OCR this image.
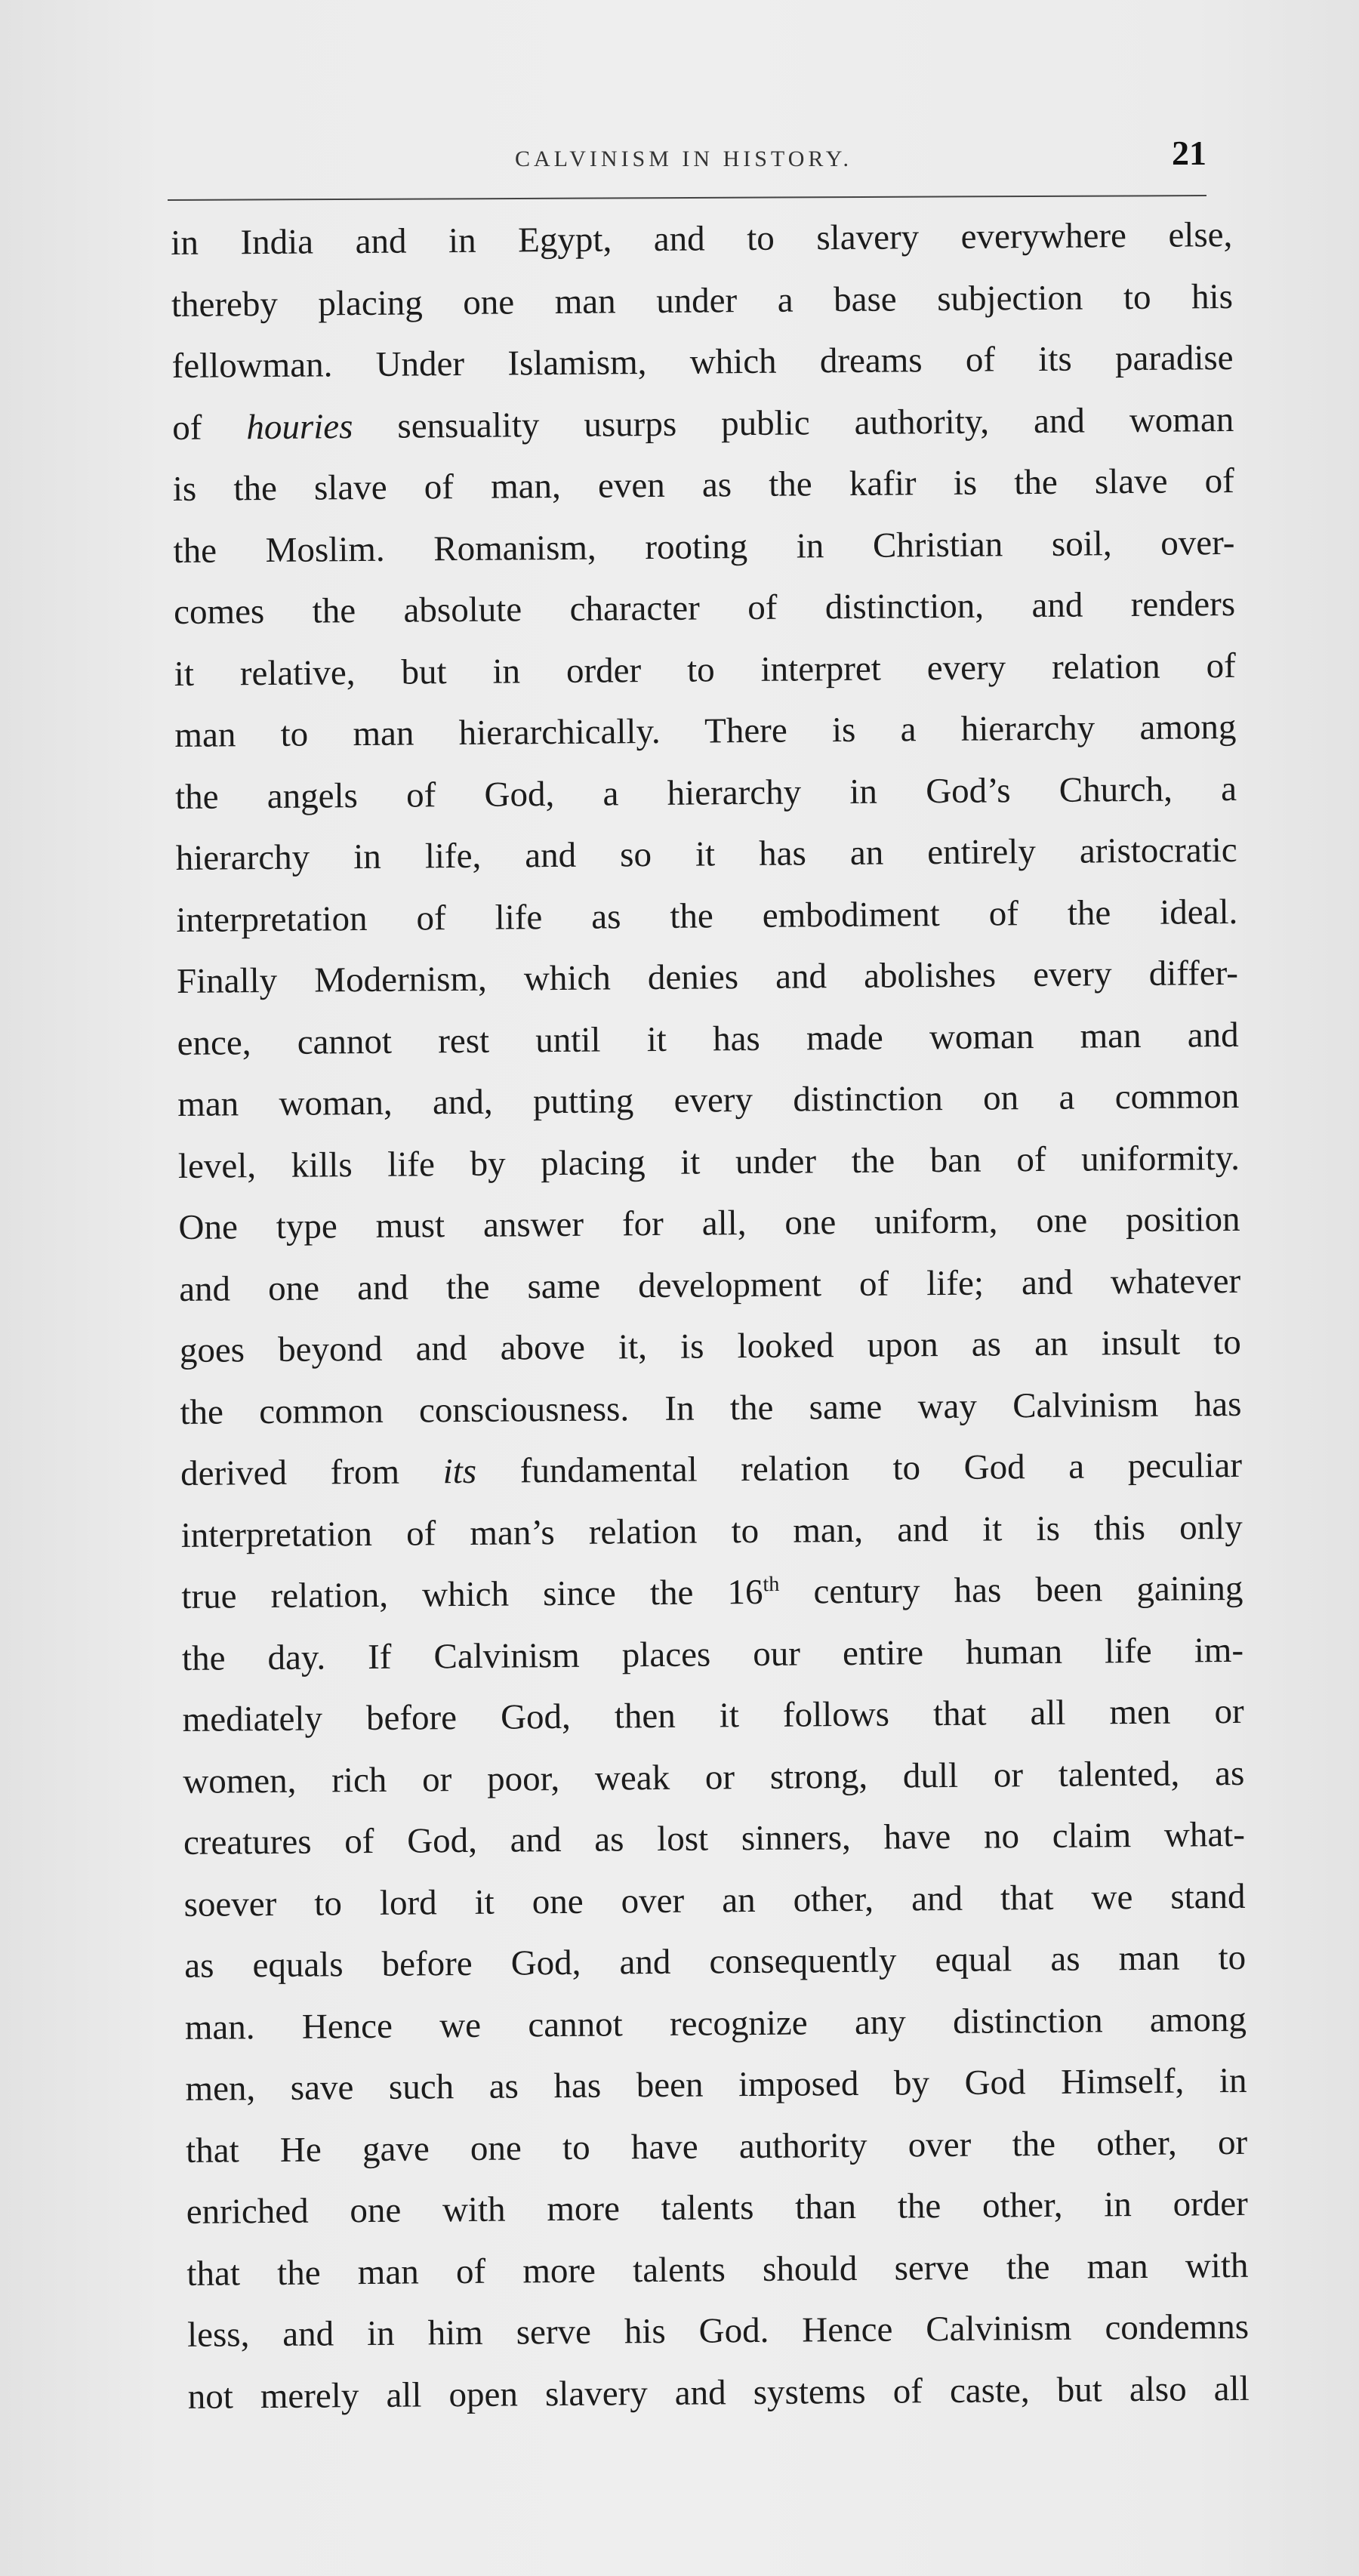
CALVINISM IN HISTORY.	21
in India and in Egypt, and to slavery everywhere else,
thereby placing one man under a base subjection to his
fellowman. Under Islamism, which dreams of its paradise
of houries sensuality usurps public authority, and woman
is the slave of man, even as the kafir is the slave of
the Moslim. Romanism, rooting in Christian soil, over-
comes the absolute character of distinction, and renders
it relative, but in order to interpret every relation of
man to man hierarchically. There is a hierarchy among
the angels of God, a hierarchy in God’s Church, a
hierarchy in life, and so it has an entirely aristocratic
interpretation of life as the embodiment of the ideal.
Finally Modernism, which denies and abolishes every differ-
ence, cannot rest until it has made woman man and
man woman, and, putting every distinction on a common
level, kills life by placing it under the ban of uniformity.
One type must answer for all, one uniform, one position
and one and the same development of life; and whatever
goes beyond and above it, is looked upon as an insult to
the common consciousness. In the same way Calvinism has
derived from its fundamental relation to God a peculiar
interpretation of man’s relation to man, and it is this only
true relation, which since the 16th century has been gaining
the day. If Calvinism places our entire human life im-
mediately before God, then it follows that all men or
women, rich or poor, weak or strong, dull or talented, as
creatures of God, and as lost sinners, have no claim what-
soever to lord it one over an other, and that we stand
as equals before God, and consequently equal as man to
man. Hence we cannot recognize any distinction among
men, save such as has been imposed by God Himself, in
that He gave one to have authority over the other, or
enriched one with more talents than the other, in order
that the man of more talents should serve the man with
less, and in him serve his God. Hence Calvinism condemns
not merely all open slavery and systems of caste, but also all
